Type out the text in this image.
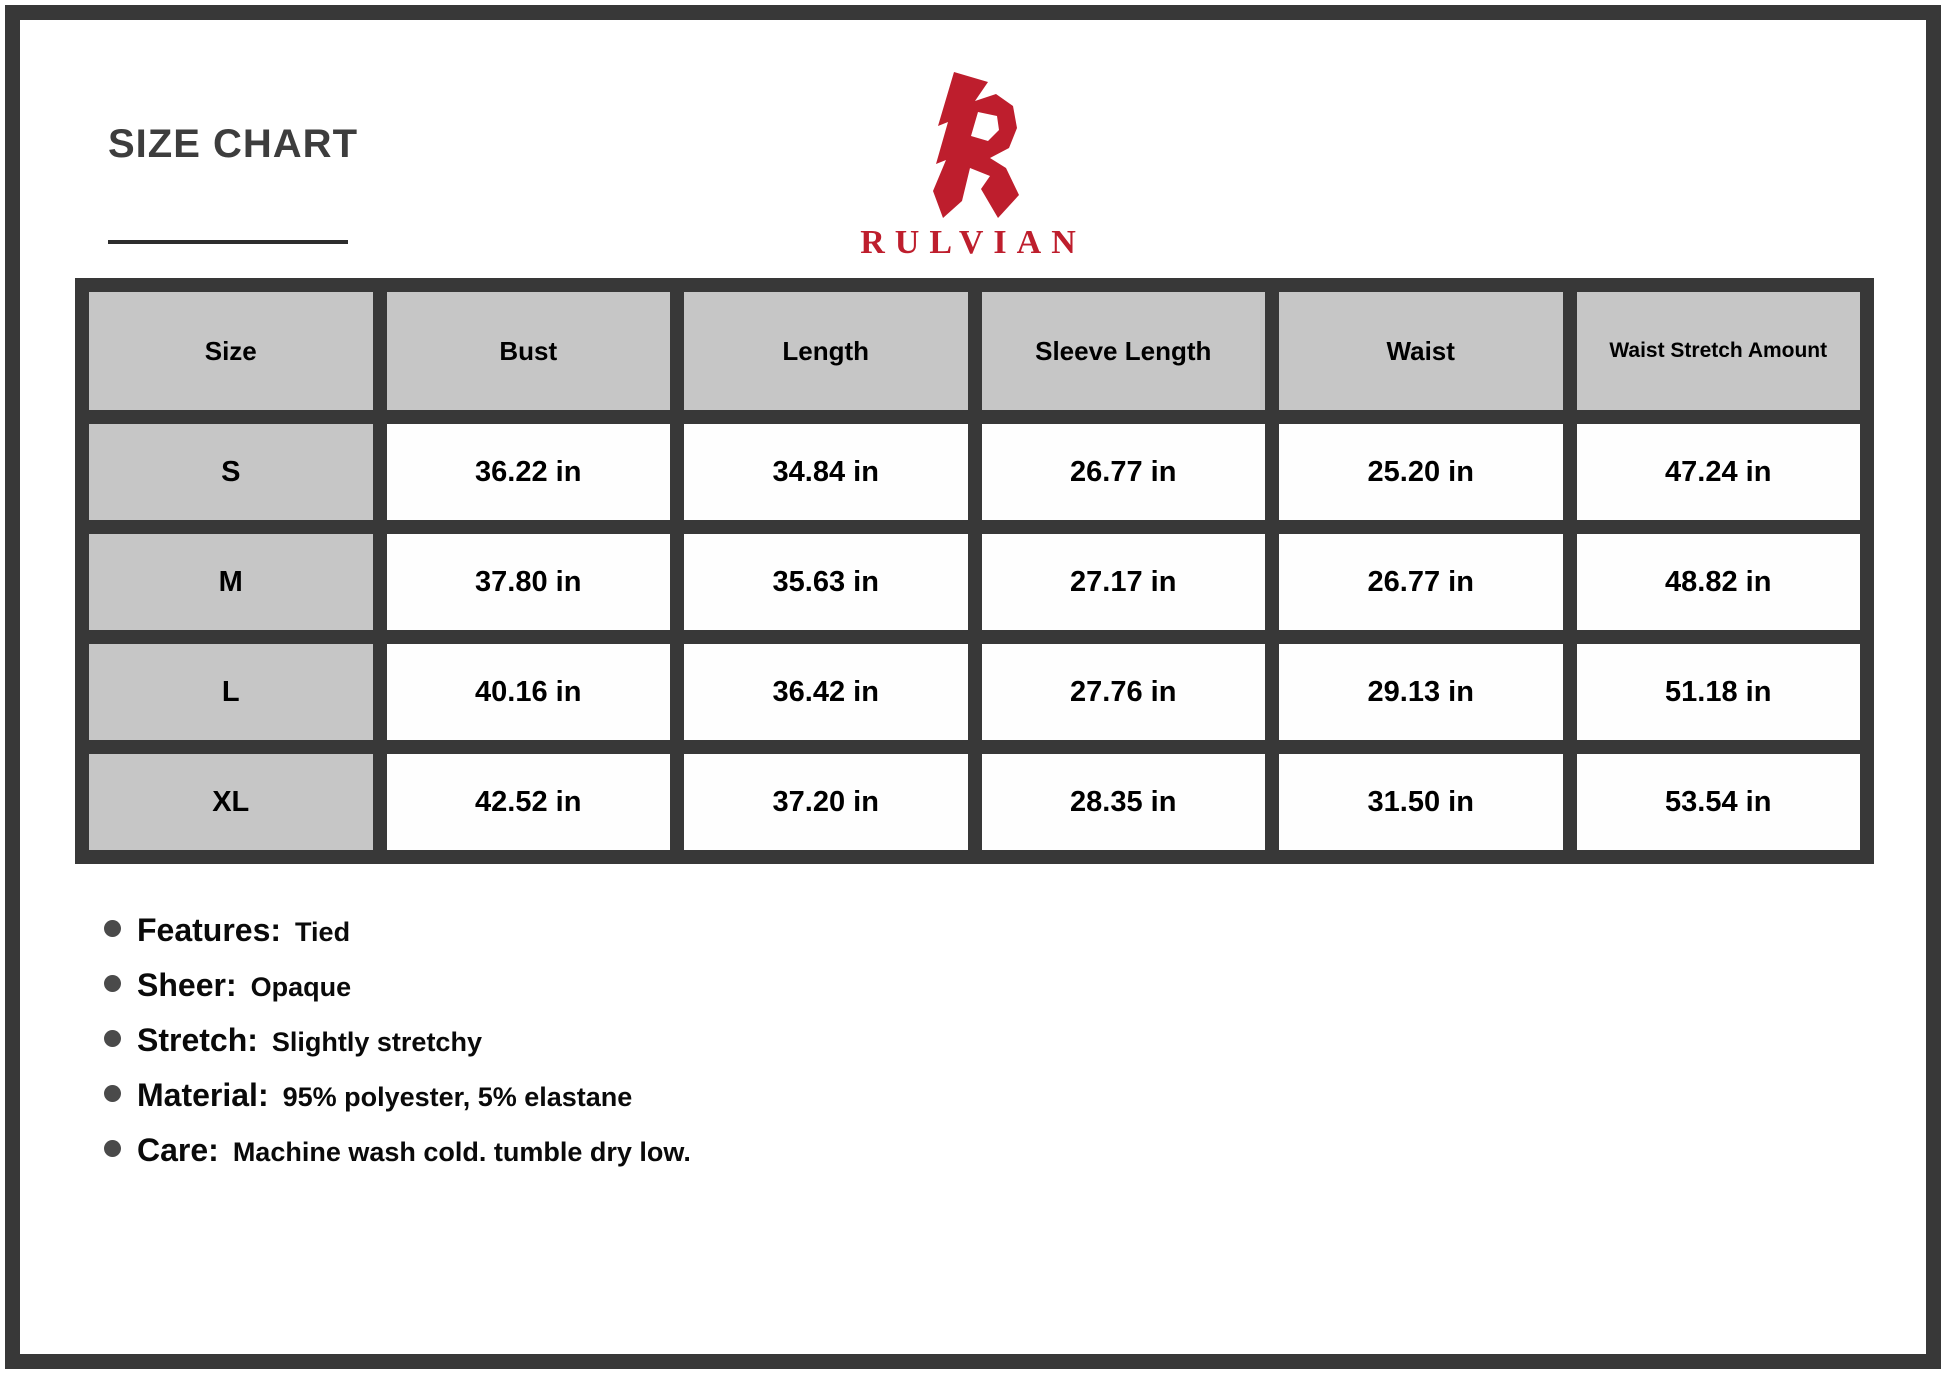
SIZE CHART
RULVIAN
Size	Bust	Length	Sleeve Length	Waist	Waist Stretch Amount
S	36.22 in	34.84 in	26.77 in	25.20 in	47.24 in
M	37.80 in	35.63 in	27.17 in	26.77 in	48.82 in
L	40.16 in	36.42 in	27.76 in	29.13 in	51.18 in
XL	42.52 in	37.20 in	28.35 in	31.50 in	53.54 in
Features: Tied
Sheer: Opaque
Stretch: Slightly stretchy
Material: 95% polyester, 5% elastane
Care: Machine wash cold. tumble dry low.
